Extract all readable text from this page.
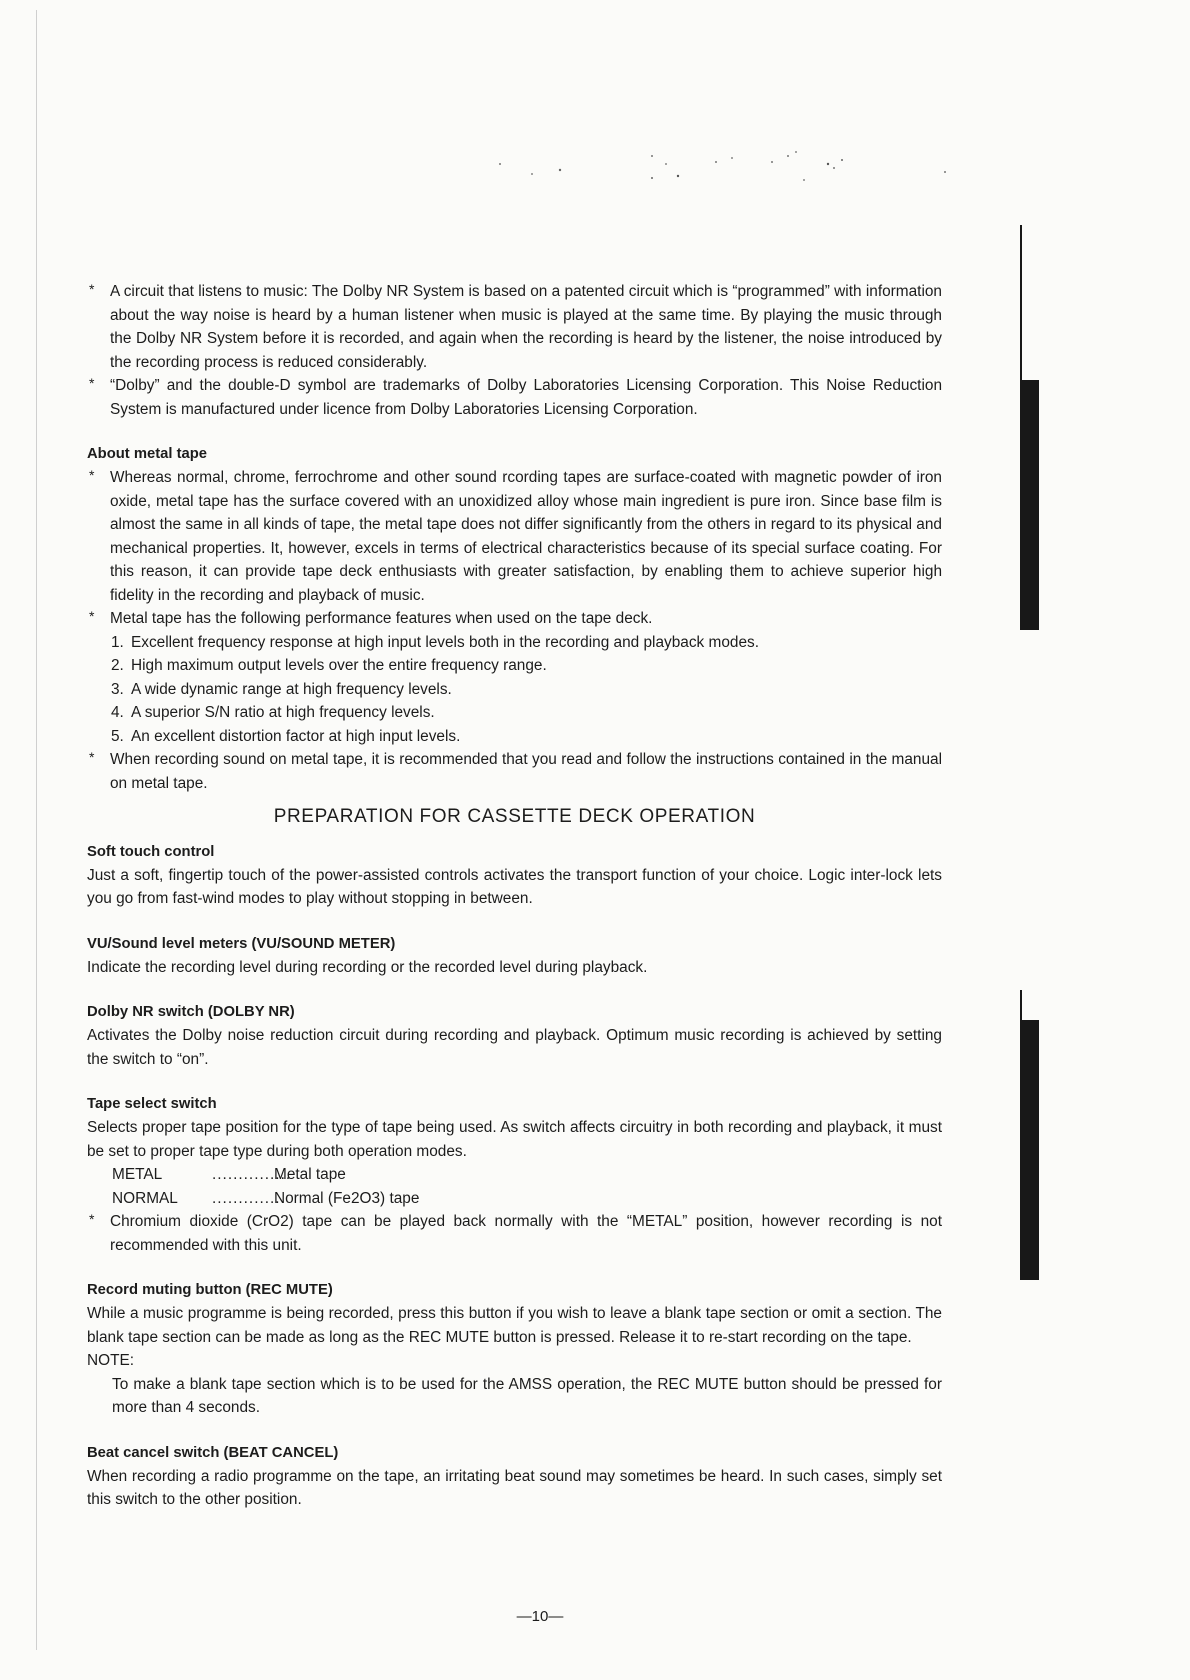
* A circuit that listens to music: The Dolby NR System is based on a patented circuit which is “programmed” with information about the way noise is heard by a human listener when music is played at the same time. By playing the music through the Dolby NR System before it is recorded, and again when the recording is heard by the listener, the noise introduced by the recording process is reduced considerably.
* “Dolby” and the double-D symbol are trademarks of Dolby Laboratories Licensing Corporation. This Noise Reduction System is manufactured under licence from Dolby Laboratories Licensing Corporation.
About metal tape
* Whereas normal, chrome, ferrochrome and other sound rcording tapes are surface-coated with magnetic powder of iron oxide, metal tape has the surface covered with an unoxidized alloy whose main ingredient is pure iron. Since base film is almost the same in all kinds of tape, the metal tape does not differ significantly from the others in regard to its physical and mechanical properties. It, however, excels in terms of electrical characteristics because of its special surface coating. For this reason, it can provide tape deck enthusiasts with greater satisfaction, by enabling them to achieve superior high fidelity in the recording and playback of music.
* Metal tape has the following performance features when used on the tape deck.
1. Excellent frequency response at high input levels both in the recording and playback modes.
2. High maximum output levels over the entire frequency range.
3. A wide dynamic range at high frequency levels.
4. A superior S/N ratio at high frequency levels.
5. An excellent distortion factor at high input levels.
* When recording sound on metal tape, it is recommended that you read and follow the instructions contained in the manual on metal tape.
PREPARATION FOR CASSETTE DECK OPERATION
Soft touch control

Just a soft, fingertip touch of the power-assisted controls activates the transport function of your choice. Logic inter-lock lets you go from fast-wind modes to play without stopping in between.

VU/Sound level meters (VU/SOUND METER)

Indicate the recording level during recording or the recorded level during playback.

Dolby NR switch (DOLBY NR)

Activates the Dolby noise reduction circuit during recording and playback. Optimum music recording is achieved by setting the switch to “on”.

Tape select switch

Selects proper tape position for the type of tape being used. As switch affects circuitry in both recording and playback, it must be set to proper tape type during both operation modes.

METAL	...............
Metal tape
NORMAL	..............
Normal (Fe2O3) tape
* Chromium dioxide (CrO2) tape can be played back normally with the “METAL” position, however recording is not recommended with this unit.
Record muting button (REC MUTE)

While a music programme is being recorded, press this button if you wish to leave a blank tape section or omit a section. The blank tape section can be made as long as the REC MUTE button is pressed. Release it to re-start recording on the tape.

NOTE:
To make a blank tape section which is to be used for the AMSS operation, the REC MUTE button should be pressed for more than 4 seconds.
Beat cancel switch (BEAT CANCEL)

When recording a radio programme on the tape, an irritating beat sound may sometimes be heard. In such cases, simply set this switch to the other position.

—10—
